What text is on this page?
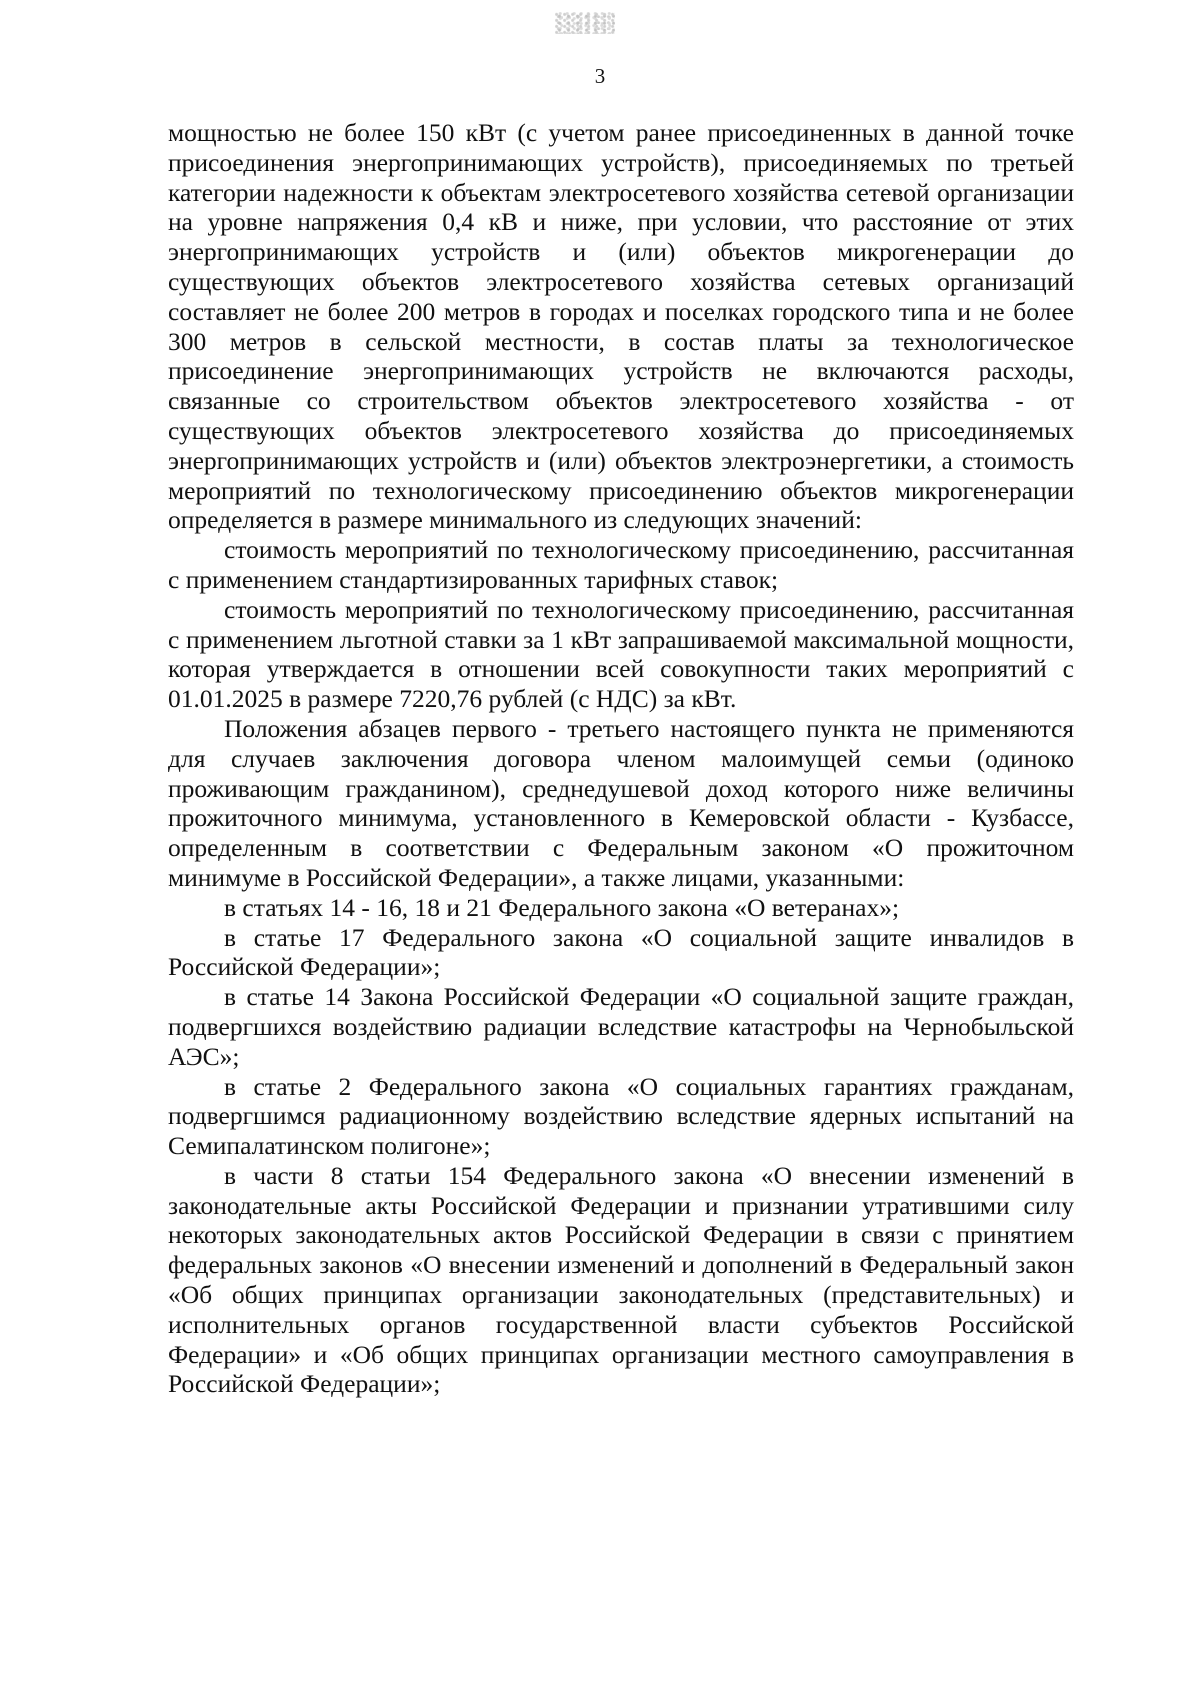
3

мощностью не более 150 кВт (с учетом ранее присоединенных в данной точке присоединения энергопринимающих устройств), присоединяемых по третьей категории надежности к объектам электросетевого хозяйства сетевой организации на уровне напряжения 0,4 кВ и ниже, при условии, что расстояние от этих энергопринимающих устройств и (или) объектов микрогенерации до существующих объектов электросетевого хозяйства сетевых организаций составляет не более 200 метров в городах и поселках городского типа и не более 300 метров в сельской местности, в состав платы за технологическое присоединение энергопринимающих устройств не включаются расходы, связанные со строительством объектов электросетевого хозяйства - от существующих объектов электросетевого хозяйства до присоединяемых энергопринимающих устройств и (или) объектов электроэнергетики, а стоимость мероприятий по технологическому присоединению объектов микрогенерации определяется в размере минимального из следующих значений:

стоимость мероприятий по технологическому присоединению, рассчитанная с применением стандартизированных тарифных ставок;

стоимость мероприятий по технологическому присоединению, рассчитанная с применением льготной ставки за 1 кВт запрашиваемой максимальной мощности, которая утверждается в отношении всей совокупности таких мероприятий с 01.01.2025 в размере 7220,76 рублей (с НДС) за кВт.

Положения абзацев первого - третьего настоящего пункта не применяются для случаев заключения договора членом малоимущей семьи (одиноко проживающим гражданином), среднедушевой доход которого ниже величины прожиточного минимума, установленного в Кемеровской области - Кузбассе, определенным в соответствии с Федеральным законом «О прожиточном минимуме в Российской Федерации», а также лицами, указанными:

в статьях 14 - 16, 18 и 21 Федерального закона «О ветеранах»;

в статье 17 Федерального закона «О социальной защите инвалидов в Российской Федерации»;

в статье 14 Закона Российской Федерации «О социальной защите граждан, подвергшихся воздействию радиации вследствие катастрофы на Чернобыльской АЭС»;

в статье 2 Федерального закона «О социальных гарантиях гражданам, подвергшимся радиационному воздействию вследствие ядерных испытаний на Семипалатинском полигоне»;

в части 8 статьи 154 Федерального закона «О внесении изменений в законодательные акты Российской Федерации и признании утратившими силу некоторых законодательных актов Российской Федерации в связи с принятием федеральных законов «О внесении изменений и дополнений в Федеральный закон «Об общих принципах организации законодательных (представительных) и исполнительных органов государственной власти субъектов Российской Федерации» и «Об общих принципах организации местного самоуправления в Российской Федерации»;
